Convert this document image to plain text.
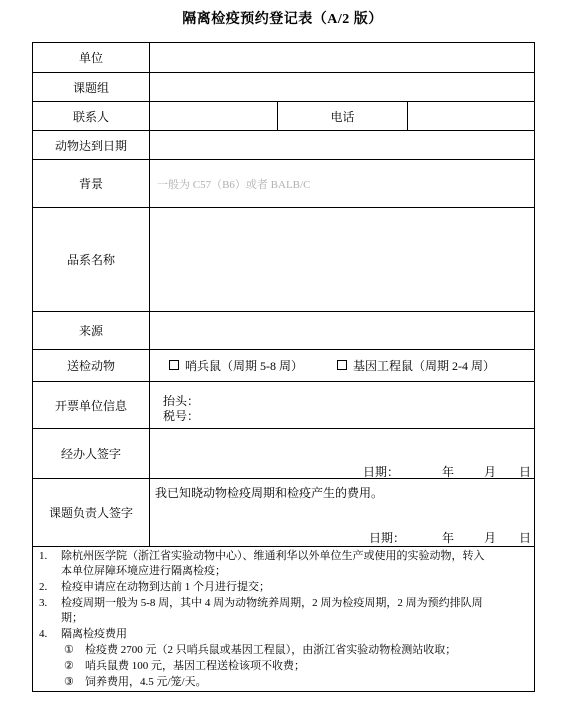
隔离检疫预约登记表（A/2 版）
单位
课题组
联系人	电话
动物达到日期
背景	一般为 C57（B6）或者 BALB/C
品系名称
来源
送检动物	哨兵鼠（周期 5-8 周）	基因工程鼠（周期 2-4 周）
开票单位信息	抬头：
税号：
经办人签字
日期：	年 月 日
课题负责人签字
我已知晓动物检疫周期和检疫产生的费用。
日期：	年 月 日
1. 除杭州医学院（浙江省实验动物中心）、维通利华以外单位生产或使用的实验动物，转入
本单位屏障环境应进行隔离检疫；
2. 检疫申请应在动物到达前 1 个月进行提交；
3. 检疫周期一般为 5-8 周，其中 4 周为动物统养周期，2 周为检疫周期，2 周为预约排队周
期；
4. 隔离检疫费用
① 检疫费 2700 元（2 只哨兵鼠或基因工程鼠），由浙江省实验动物检测站收取；
② 哨兵鼠费 100 元，基因工程送检该项不收费；
③ 饲养费用，4.5 元/笼/天。
